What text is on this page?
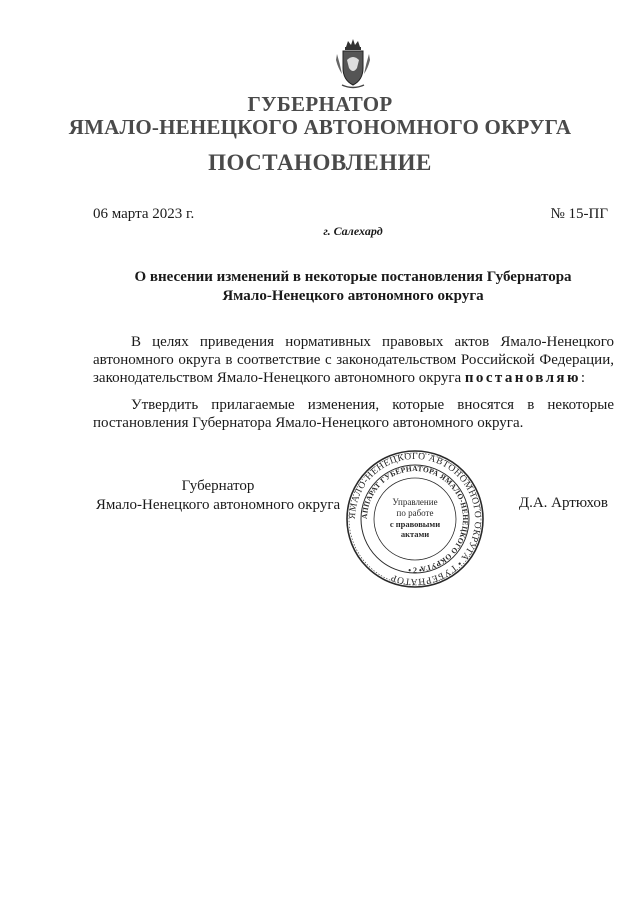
ГУБЕРНАТОР
ЯМАЛО-НЕНЕЦКОГО АВТОНОМНОГО ОКРУГА
ПОСТАНОВЛЕНИЕ
06 марта 2023 г.	№ 15-ПГ
г. Салехард
О внесении изменений в некоторые постановления Губернатора
Ямало-Ненецкого автономного округа
В целях приведения нормативных правовых актов Ямало-Ненецкого автономного округа в соответствие с законодательством Российской Федерации, законодательством Ямало-Ненецкого автономного округа постановляю:
Утвердить прилагаемые изменения, которые вносятся в некоторые постановления Губернатора Ямало-Ненецкого автономного округа.
Губернатор
Ямало-Ненецкого автономного округа
ЯМАЛО-НЕНЕЦКОГО АВТОНОМНОГО ОКРУГА • ГУБЕРНАТОР
АППАРАТ ГУБЕРНАТОРА ЯМАЛО-НЕНЕЦКОГО ОКРУГА
Управление
по работе
с правовыми
актами
• 2 •
Д.А. Артюхов
